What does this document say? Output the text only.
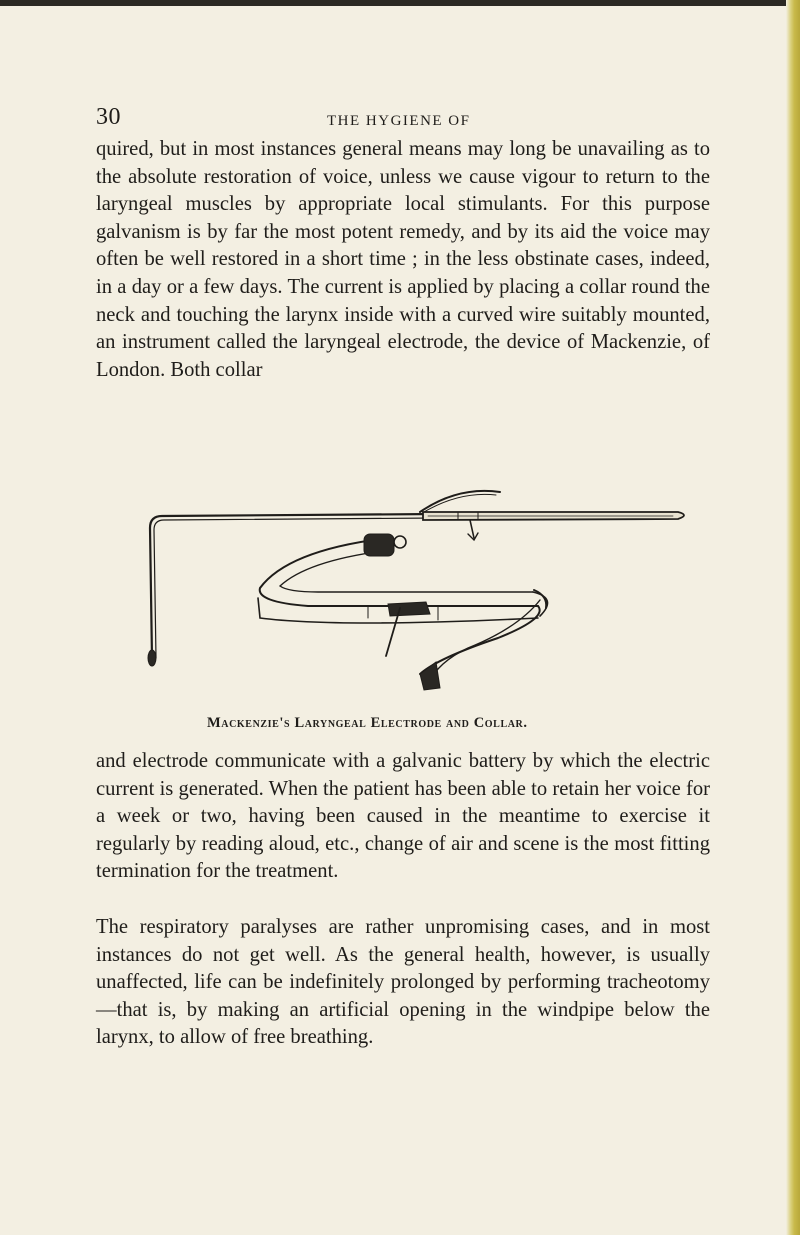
30	THE HYGIENE OF

quired, but in most instances general means may long be unavailing as to the absolute restoration of voice, unless we cause vigour to return to the laryngeal muscles by appropriate local stimulants. For this purpose galvanism is by far the most potent remedy, and by its aid the voice may often be well restored in a short time ; in the less obstinate cases, indeed, in a day or a few days. The current is applied by placing a collar round the neck and touching the larynx inside with a curved wire suitably mounted, an instrument called the laryngeal electrode, the device of Mackenzie, of London. Both collar

Mackenzie's Laryngeal Electrode and Collar.

and electrode communicate with a galvanic battery by which the electric current is generated. When the patient has been able to retain her voice for a week or two, having been caused in the meantime to exercise it regularly by reading aloud, etc., change of air and scene is the most fitting termination for the treatment.

The respiratory paralyses are rather unpromising cases, and in most instances do not get well. As the general health, however, is usually unaffected, life can be indefinitely prolonged by performing tracheotomy—that is, by making an artificial opening in the windpipe below the larynx, to allow of free breathing.
